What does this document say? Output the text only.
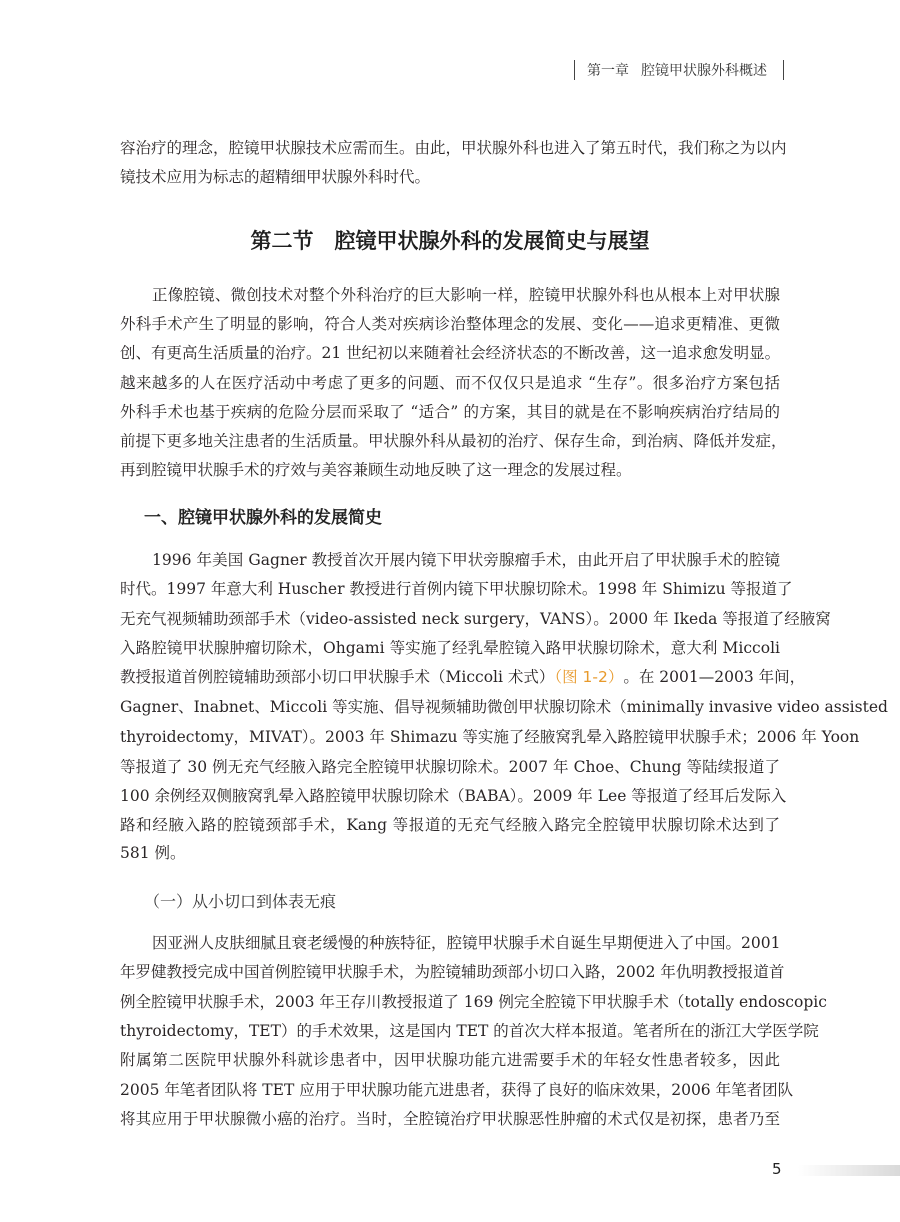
第一章 腔镜甲状腺外科概述
容治疗的理念，腔镜甲状腺技术应需而生。由此，甲状腺外科也进入了第五时代，我们称之为以内
镜技术应用为标志的超精细甲状腺外科时代。
第二节　腔镜甲状腺外科的发展简史与展望
正像腔镜、微创技术对整个外科治疗的巨大影响一样，腔镜甲状腺外科也从根本上对甲状腺
外科手术产生了明显的影响，符合人类对疾病诊治整体理念的发展、变化——追求更精准、更微
创、有更高生活质量的治疗。21 世纪初以来随着社会经济状态的不断改善，这一追求愈发明显。
越来越多的人在医疗活动中考虑了更多的问题、而不仅仅只是追求 “生存”。很多治疗方案包括
外科手术也基于疾病的危险分层而采取了 “适合” 的方案，其目的就是在不影响疾病治疗结局的
前提下更多地关注患者的生活质量。甲状腺外科从最初的治疗、保存生命，到治病、降低并发症，
再到腔镜甲状腺手术的疗效与美容兼顾生动地反映了这一理念的发展过程。
一、腔镜甲状腺外科的发展简史
1996 年美国 Gagner 教授首次开展内镜下甲状旁腺瘤手术，由此开启了甲状腺手术的腔镜
时代。1997 年意大利 Huscher 教授进行首例内镜下甲状腺切除术。1998 年 Shimizu 等报道了
无充气视频辅助颈部手术（video-assisted neck surgery，VANS）。2000 年 Ikeda 等报道了经腋窝
入路腔镜甲状腺肿瘤切除术，Ohgami 等实施了经乳晕腔镜入路甲状腺切除术，意大利 Miccoli
教授报道首例腔镜辅助颈部小切口甲状腺手术（Miccoli 术式）（图 1-2） 。在 2001—2003 年间，
Gagner、Inabnet、Miccoli 等实施、倡导视频辅助微创甲状腺切除术（minimally invasive video assisted
thyroidectomy，MIVAT）。2003 年 Shimazu 等实施了经腋窝乳晕入路腔镜甲状腺手术；2006 年 Yoon
等报道了 30 例无充气经腋入路完全腔镜甲状腺切除术。2007 年 Choe、Chung 等陆续报道了
100 余例经双侧腋窝乳晕入路腔镜甲状腺切除术（BABA）。2009 年 Lee 等报道了经耳后发际入
路和经腋入路的腔镜颈部手术，Kang 等报道的无充气经腋入路完全腔镜甲状腺切除术达到了
581 例。
（一）从小切口到体表无痕
因亚洲人皮肤细腻且衰老缓慢的种族特征，腔镜甲状腺手术自诞生早期便进入了中国。2001
年罗健教授完成中国首例腔镜甲状腺手术，为腔镜辅助颈部小切口入路，2002 年仇明教授报道首
例全腔镜甲状腺手术，2003 年王存川教授报道了 169 例完全腔镜下甲状腺手术（totally endoscopic
thyroidectomy，TET）的手术效果，这是国内 TET 的首次大样本报道。笔者所在的浙江大学医学院
附属第二医院甲状腺外科就诊患者中，因甲状腺功能亢进需要手术的年轻女性患者较多，因此
2005 年笔者团队将 TET 应用于甲状腺功能亢进患者，获得了良好的临床效果，2006 年笔者团队
将其应用于甲状腺微小癌的治疗。当时，全腔镜治疗甲状腺恶性肿瘤的术式仅是初探，患者乃至
5
